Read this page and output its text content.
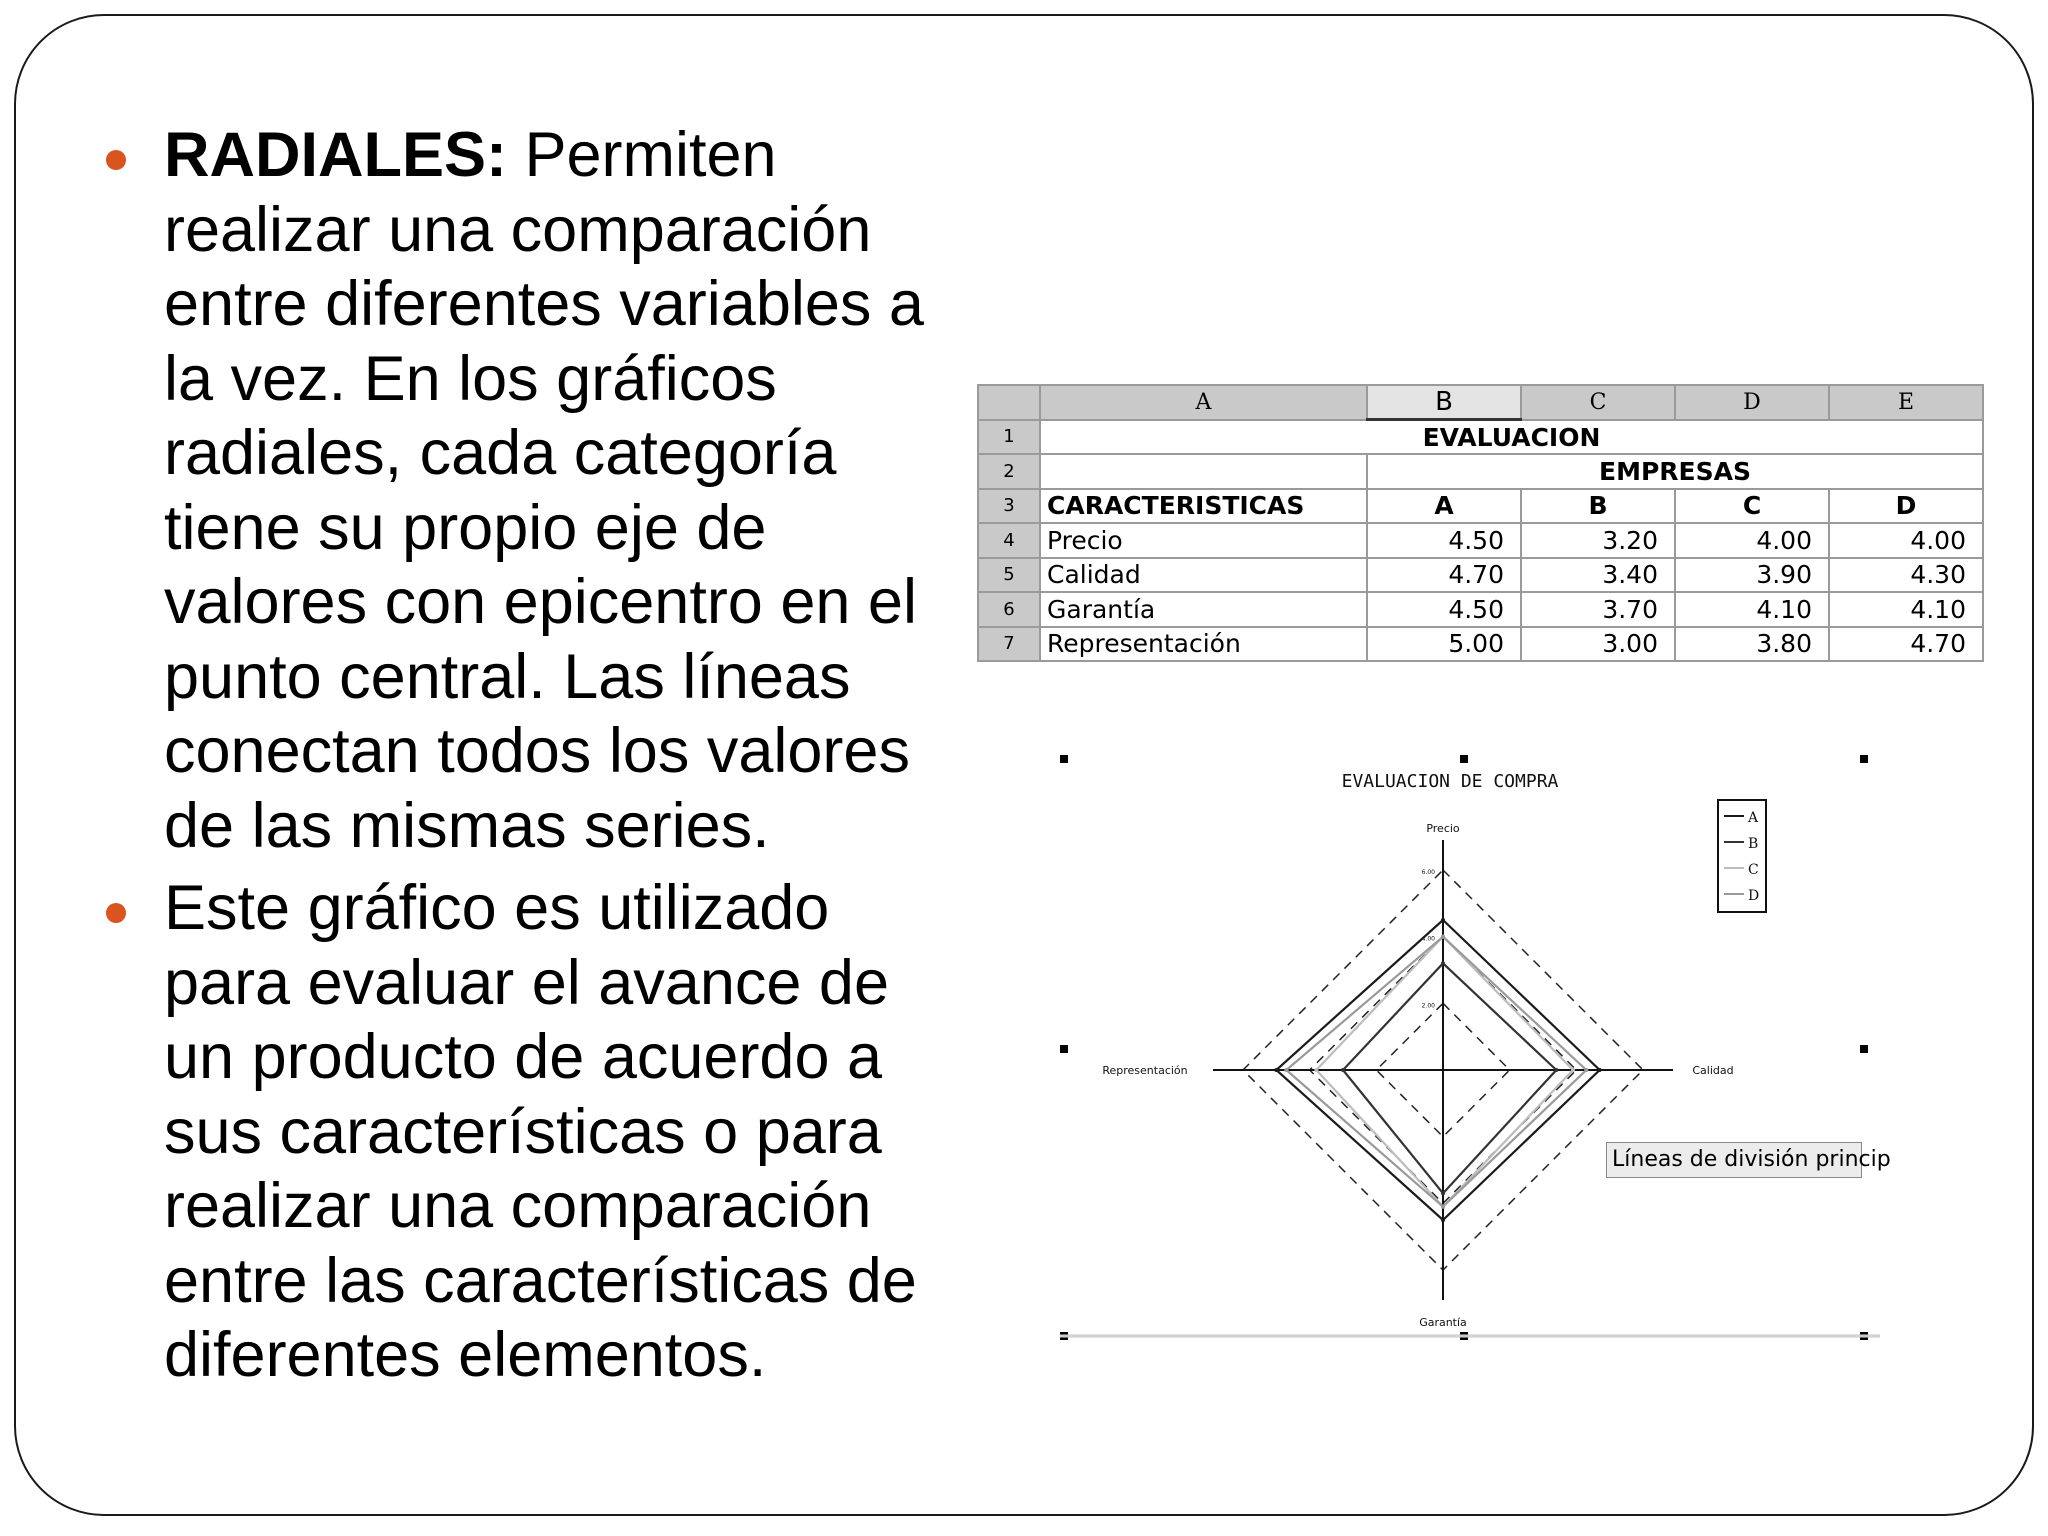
RADIALES: Permiten realizar una comparación entre diferentes variables a la vez. En los gráficos radiales, cada categoría tiene su propio eje de valores con epicentro en el punto central. Las líneas conectan todos los valores de las mismas series.
Este gráfico es utilizado para evaluar el avance de un producto de acuerdo a sus características o para realizar una comparación entre las características de diferentes elementos.
	A	B	C	D	E
1	EVALUACION				
2		EMPRESAS			
3	CARACTERISTICAS	A	B	C	D
4	Precio	4.50	3.20	4.00	4.00
5	Calidad	4.70	3.40	3.90	4.30
6	Garantía	4.50	3.70	4.10	4.10
7	Representación	5.00	3.00	3.80	4.70
EVALUACION DE COMPRA
2.00
4.00
6.00
Precio
Calidad
Garantía
Representación
A
B
C
D
Líneas de división princip
